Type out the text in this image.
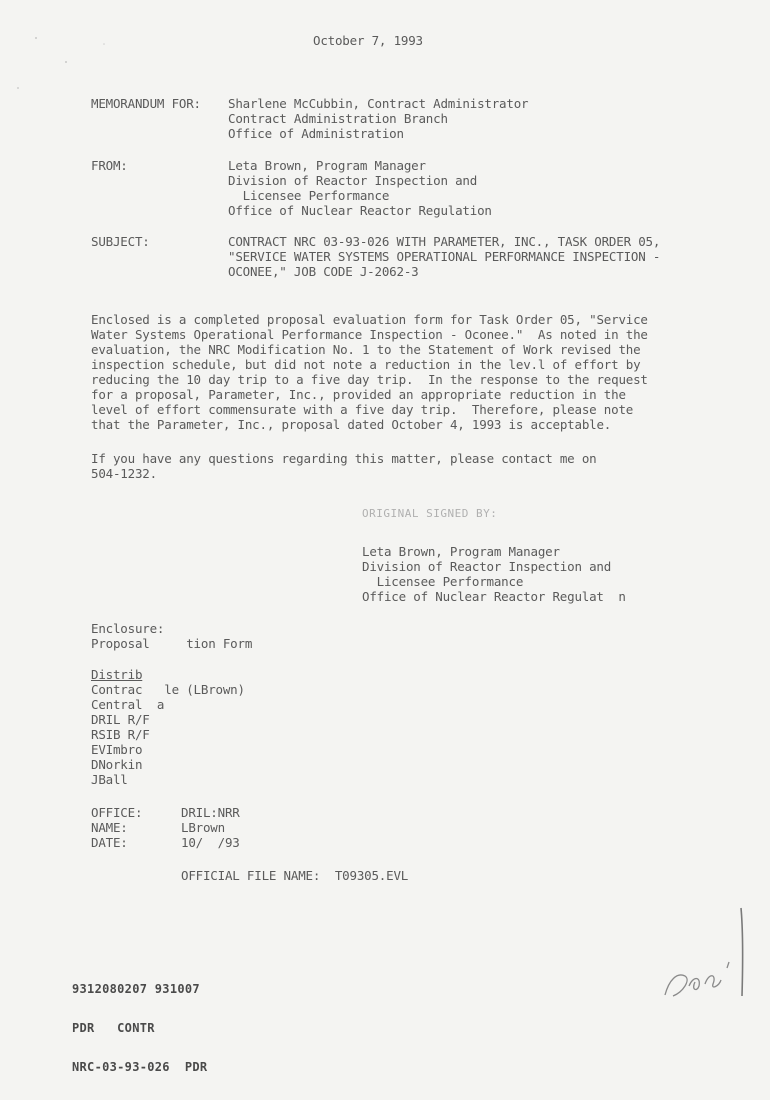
October 7, 1993
MEMORANDUM FOR: Sharlene McCubbin, Contract Administrator
Contract Administration Branch
Office of Administration
FROM:	Leta Brown, Program Manager
Division of Reactor Inspection and
Licensee Performance
Office of Nuclear Reactor Regulation
SUBJECT:	CONTRACT NRC 03-93-026 WITH PARAMETER, INC., TASK ORDER 05,
"SERVICE WATER SYSTEMS OPERATIONAL PERFORMANCE INSPECTION -
OCONEE," JOB CODE J-2062-3
Enclosed is a completed proposal evaluation form for Task Order 05, "Service
Water Systems Operational Performance Inspection - Oconee."  As noted in the
evaluation, the NRC Modification No. 1 to the Statement of Work revised the
inspection schedule, but did not note a reduction in the lev.l of effort by
reducing the 10 day trip to a five day trip.  In the response to the request
for a proposal, Parameter, Inc., provided an appropriate reduction in the
level of effort commensurate with a five day trip.  Therefore, please note
that the Parameter, Inc., proposal dated October 4, 1993 is acceptable.
If you have any questions regarding this matter, please contact me on
504-1232.
ORIGINAL SIGNED BY:
Leta Brown, Program Manager
Division of Reactor Inspection and
Licensee Performance
Office of Nuclear Reactor Regulat  n
Enclosure:
Proposal     tion Form
Distrib
Contrac   le (LBrown)
Central  a
DRIL R/F
RSIB R/F
EVImbro
DNorkin
JBall
OFFICE:
NAME:
DATE:
DRIL:NRR
LBrown
10/  /93
OFFICIAL FILE NAME:  T09305.EVL

9312080207 931007

PDR   CONTR

NRC-03-93-026  PDR
